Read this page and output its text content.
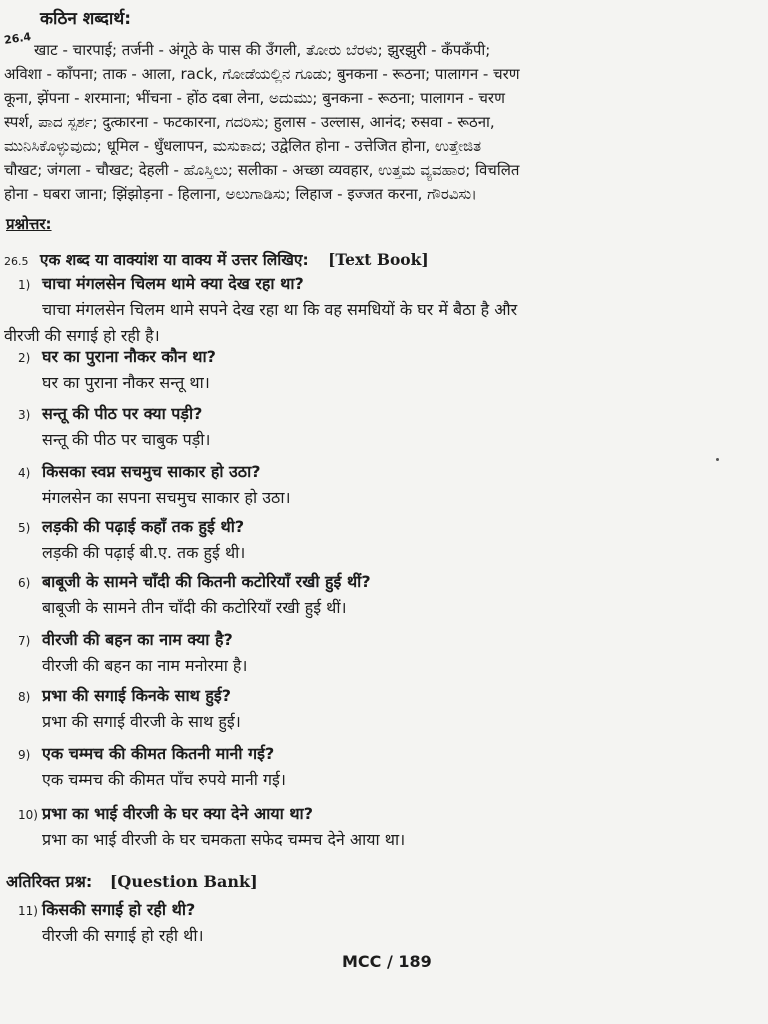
26.4
कठिन शब्दार्थ:
खाट - चारपाई; तर्जनी - अंगूठे के पास की उँगली, ತೋರು ಬೆರಳು; झुरझुरी - कँपकँपी;
अविशा - काँपना; ताक - आला, rack, ಗೋಡೆಯಲ್ಲಿನ ಗೂಡು; बुनकना - रूठना; पालागन - चरण
कूना, झेंपना - शरमाना; भींचना - होंठ दबा लेना, ಅದುಮು; बुनकना - रूठना; पालागन - चरण
स्पर्श, ಪಾದ ಸ್ಪರ್ಶ; दुत्कारना - फटकारना, ಗದರಿಸು; हुलास - उल्लास, आनंद; रुसवा - रूठना,
ಮುನಿಸಿಕೊಳ್ಳುವುದು; धूमिल - धुँधलापन, ಮಸುಕಾದ; उद्वेलित होना - उत्तेजित होना, ಉತ್ತೇಜಿತ
चौखट; जंगला - चौखट; देहली - ಹೊಸ್ತಿಲು; सलीका - अच्छा व्यवहार, ಉತ್ತಮ ವ್ಯವಹಾರ; विचलित
होना - घबरा जाना; झिंझोड़ना - हिलाना, ಅಲುಗಾಡಿಸು; लिहाज - इज्जत करना, ಗೌರವಿಸು।
प्रश्नोत्तर:
26.5 एक शब्द या वाक्यांश या वाक्य में उत्तर लिखिए: [Text Book]
1) चाचा मंगलसेन चिलम थामे क्या देख रहा था?
चाचा मंगलसेन चिलम थामे सपने देख रहा था कि वह समधियों के घर में बैठा है और
वीरजी की सगाई हो रही है।
2) घर का पुराना नौकर कौन था?
घर का पुराना नौकर सन्तू था।
3) सन्तू की पीठ पर क्या पड़ी?
सन्तू की पीठ पर चाबुक पड़ी।
4) किसका स्वप्न सचमुच साकार हो उठा?
मंगलसेन का सपना सचमुच साकार हो उठा।
5) लड़की की पढ़ाई कहाँ तक हुई थी?
लड़की की पढ़ाई बी.ए. तक हुई थी।
6) बाबूजी के सामने चाँदी की कितनी कटोरियाँ रखी हुई थीं?
बाबूजी के सामने तीन चाँदी की कटोरियाँ रखी हुई थीं।
7) वीरजी की बहन का नाम क्या है?
वीरजी की बहन का नाम मनोरमा है।
8) प्रभा की सगाई किनके साथ हुई?
प्रभा की सगाई वीरजी के साथ हुई।
9) एक चम्मच की कीमत कितनी मानी गई?
एक चम्मच की कीमत पाँच रुपये मानी गई।
10) प्रभा का भाई वीरजी के घर क्या देने आया था?
प्रभा का भाई वीरजी के घर चमकता सफेद चम्मच देने आया था।
अतिरिक्त प्रश्न: [Question Bank]
11) किसकी सगाई हो रही थी?
वीरजी की सगाई हो रही थी।
MCC / 189
